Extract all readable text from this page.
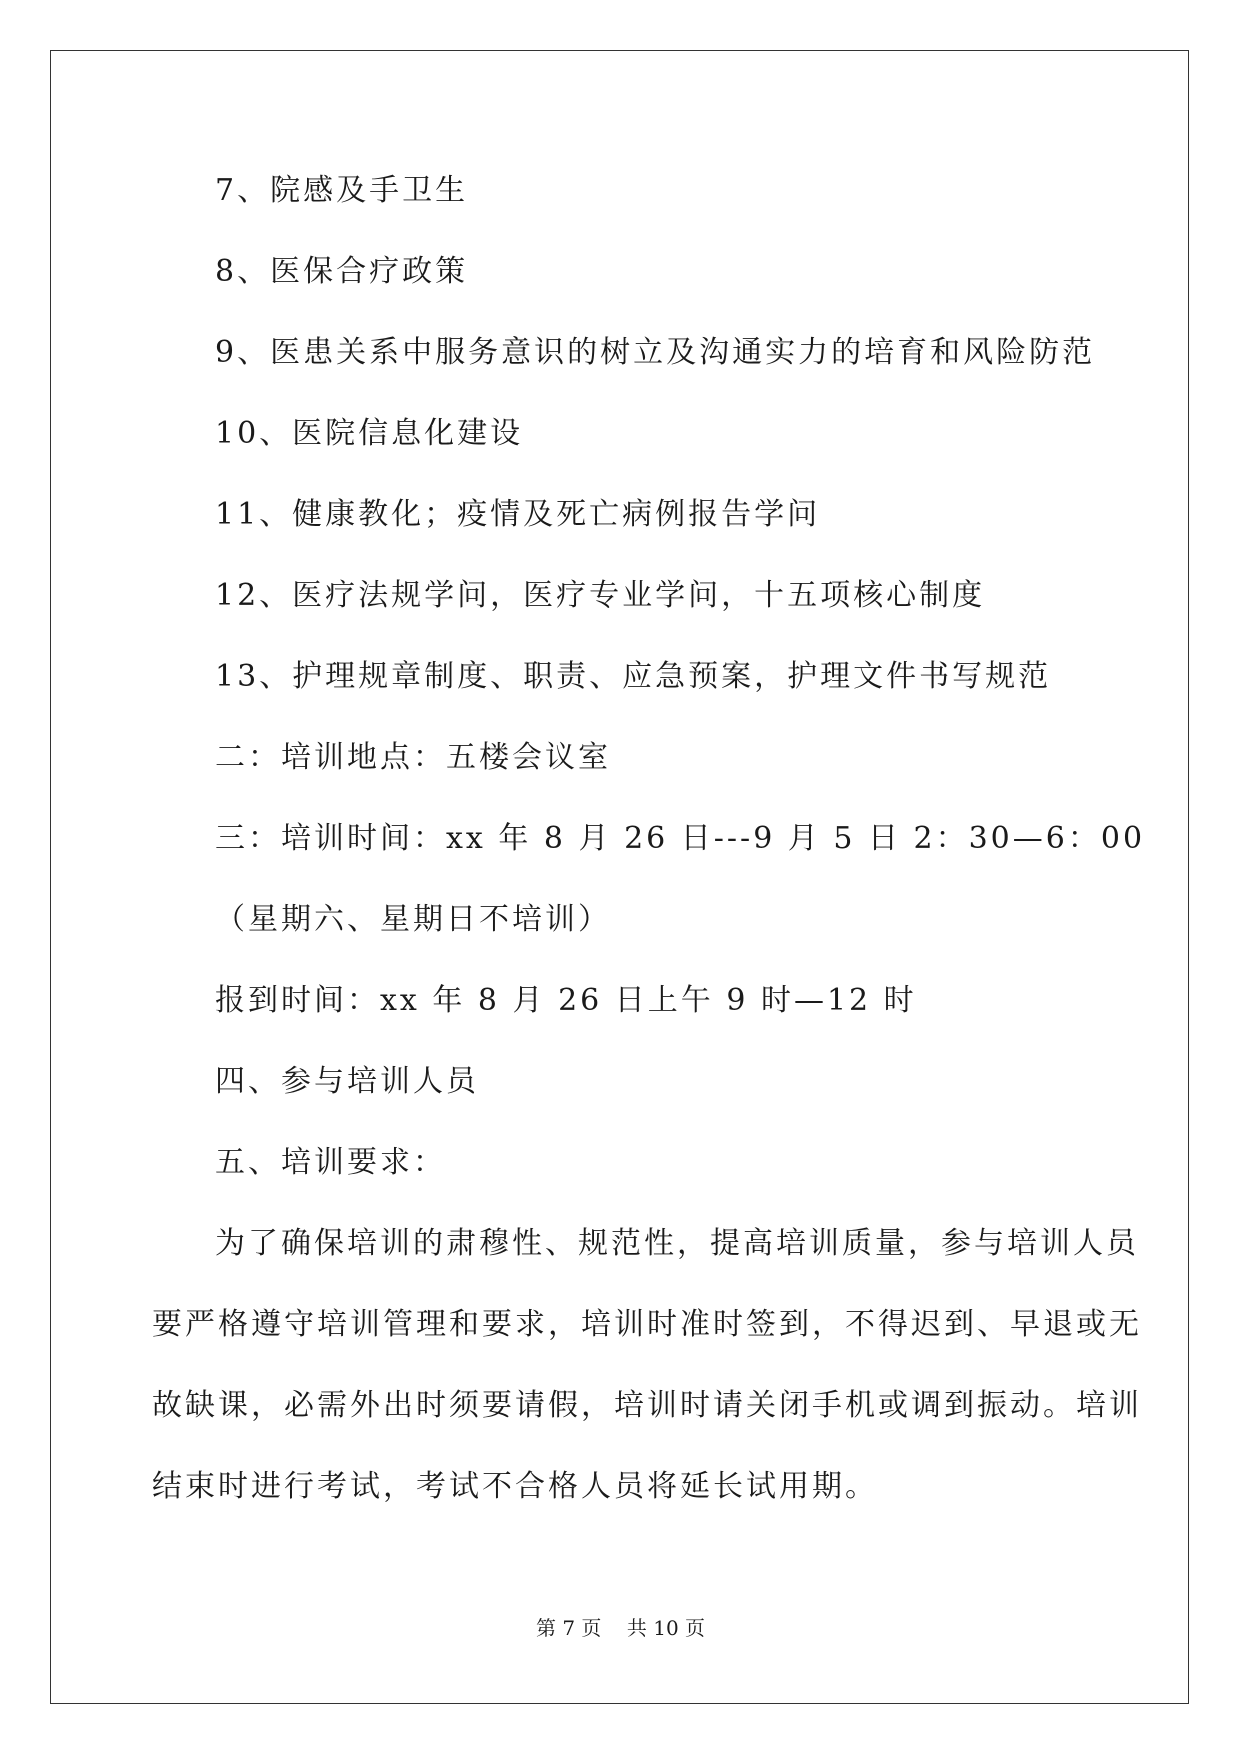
7、院感及手卫生
8、医保合疗政策
9、医患关系中服务意识的树立及沟通实力的培育和风险防范
10、医院信息化建设
11、健康教化；疫情及死亡病例报告学问
12、医疗法规学问，医疗专业学问，十五项核心制度
13、护理规章制度、职责、应急预案，护理文件书写规范
二：培训地点：五楼会议室
三：培训时间：xx 年 8 月 26 日---9 月 5 日 2：30—6：00
（星期六、星期日不培训）
报到时间：xx 年 8 月 26 日上午 9 时—12 时
四、参与培训人员
五、培训要求：
为了确保培训的肃穆性、规范性，提高培训质量，参与培训人员
要严格遵守培训管理和要求，培训时准时签到，不得迟到、早退或无
故缺课，必需外出时须要请假，培训时请关闭手机或调到振动。培训
结束时进行考试，考试不合格人员将延长试用期。
第 7 页 共 10 页
